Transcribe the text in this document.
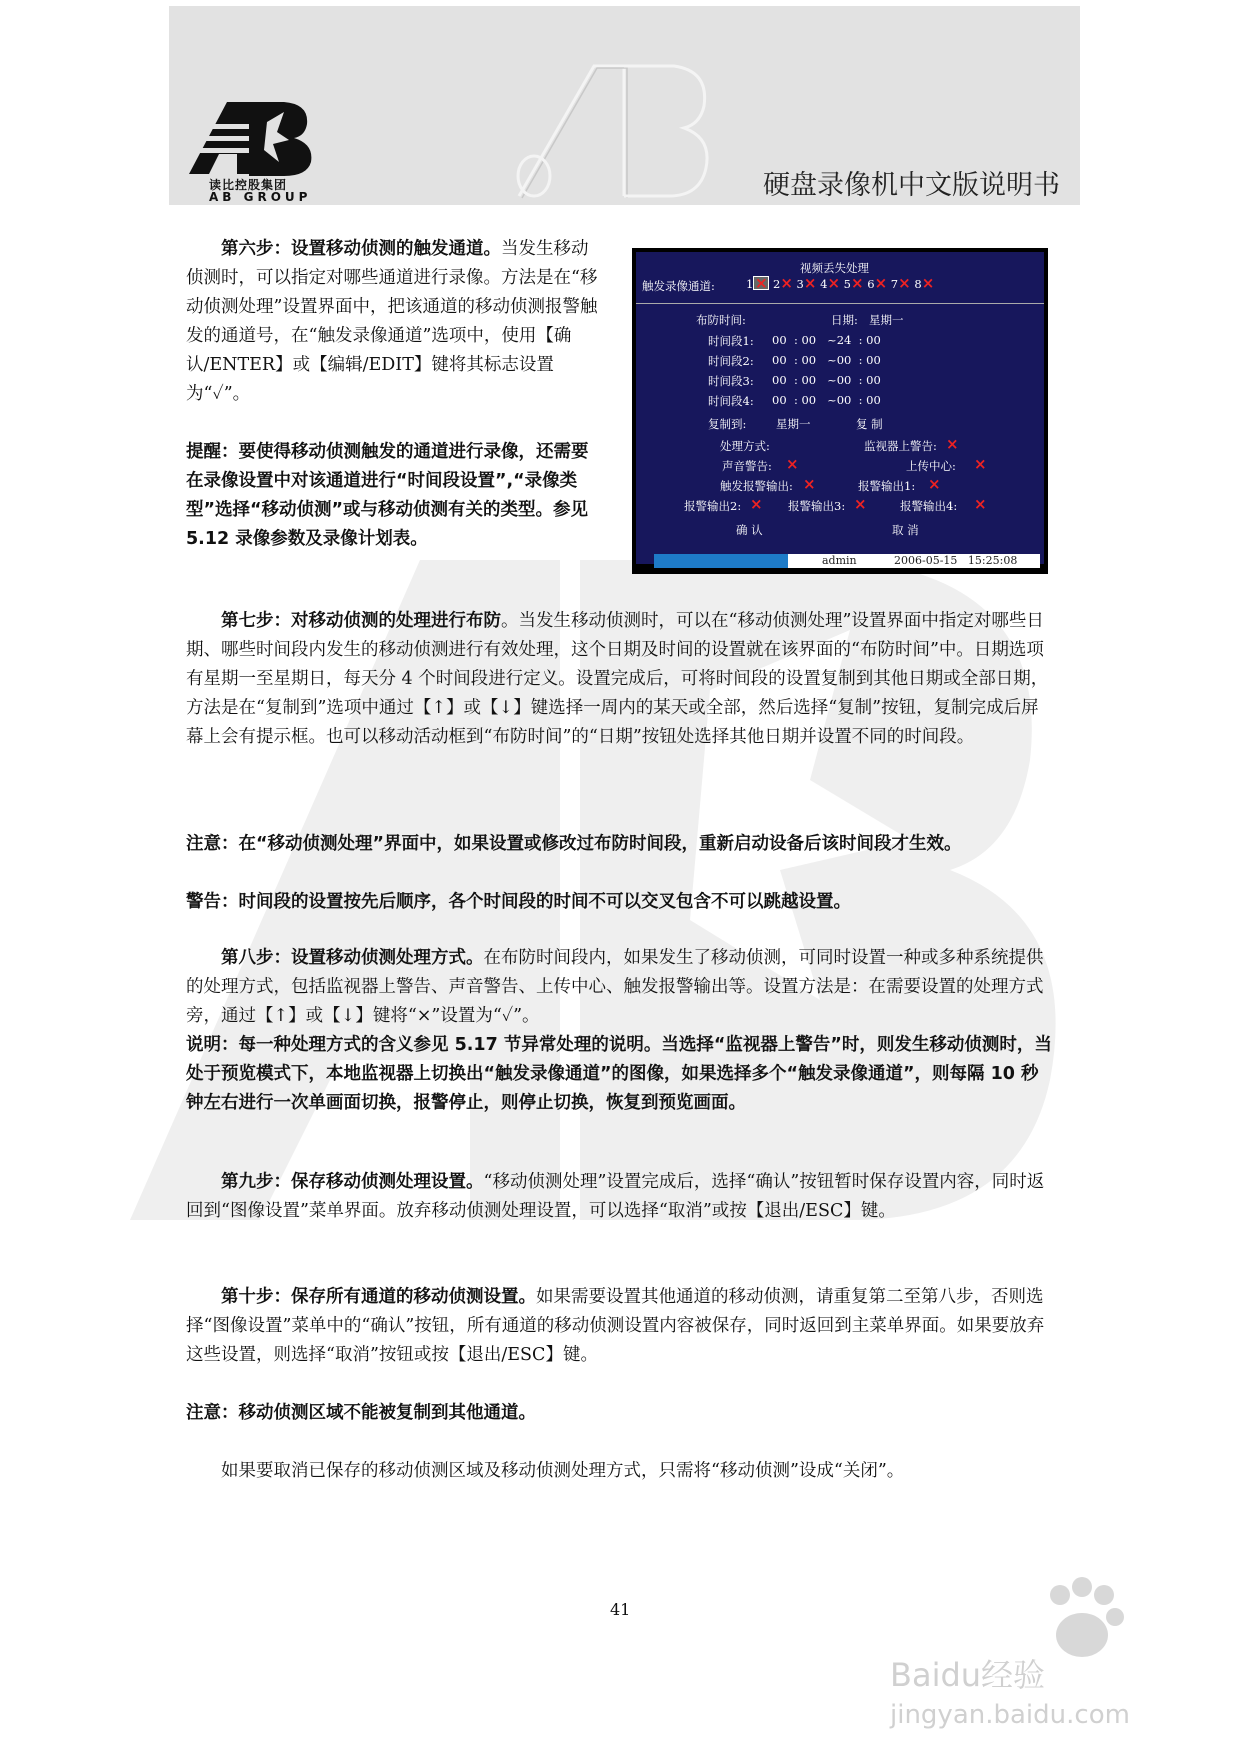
读比控股集团
AB GROUP	硬盘录像机中文版说明书
视频丢失处理
触发录像通道:	1 × 2× 3× 4× 5× 6× 7× 8×
布防时间:	日期: 星期一
时间段1: 00  : 00   ~24  : 00
时间段2: 00  : 00   ~00  : 00
时间段3: 00  : 00   ~00  : 00
时间段4: 00  : 00   ~00  : 00
复制到:	星期一	复 制
处理方式:	监视器上警告: ×
声音警告: ×	上传中心: ×
触发报警输出: ×	报警输出1: ×
报警输出2: × 报警输出3: ×	报警输出4: ×
确 认	取 消
admin	2006-05-15   15:25:08
第六步：设置移动侦测的触发通道。当发生移动侦测时，可以指定对哪些通道进行录像。方法是在“移动侦测处理”设置界面中，把该通道的移动侦测报警触发的通道号，在“触发录像通道”选项中，使用【确认/ENTER】或【编辑/EDIT】键将其标志设置为“✓”。
提醒：要使得移动侦测触发的通道进行录像，还需要在录像设置中对该通道进行“时间段设置”,“录像类型”选择“移动侦测”或与移动侦测有关的类型。参见 5.12 录像参数及录像计划表。
第七步：对移动侦测的处理进行布防。当发生移动侦测时，可以在“移动侦测处理”设置界面中指定对哪些日期、哪些时间段内发生的移动侦测进行有效处理，这个日期及时间的设置就在该界面的“布防时间”中。日期选项有星期一至星期日，每天分 4 个时间段进行定义。设置完成后，可将时间段的设置复制到其他日期或全部日期，方法是在“复制到”选项中通过【↑】或【↓】键选择一周内的某天或全部，然后选择“复制”按钮，复制完成后屏幕上会有提示框。也可以移动活动框到“布防时间”的“日期”按钮处选择其他日期并设置不同的时间段。
注意：在“移动侦测处理”界面中，如果设置或修改过布防时间段，重新启动设备后该时间段才生效。
警告：时间段的设置按先后顺序，各个时间段的时间不可以交叉包含不可以跳越设置。
第八步：设置移动侦测处理方式。在布防时间段内，如果发生了移动侦测，可同时设置一种或多种系统提供的处理方式，包括监视器上警告、声音警告、上传中心、触发报警输出等。设置方法是：在需要设置的处理方式旁，通过【↑】或【↓】键将“×”设置为“✓”。
说明：每一种处理方式的含义参见 5.17 节异常处理的说明。当选择“监视器上警告”时，则发生移动侦测时，当处于预览模式下，本地监视器上切换出“触发录像通道”的图像，如果选择多个“触发录像通道”，则每隔 10 秒钟左右进行一次单画面切换，报警停止，则停止切换，恢复到预览画面。
第九步：保存移动侦测处理设置。“移动侦测处理”设置完成后，选择“确认”按钮暂时保存设置内容，同时返回到“图像设置”菜单界面。放弃移动侦测处理设置，可以选择“取消”或按【退出/ESC】键。
第十步：保存所有通道的移动侦测设置。如果需要设置其他通道的移动侦测，请重复第二至第八步，否则选择“图像设置”菜单中的“确认”按钮，所有通道的移动侦测设置内容被保存，同时返回到主菜单界面。如果要放弃这些设置，则选择“取消”按钮或按【退出/ESC】键。
注意：移动侦测区域不能被复制到其他通道。
如果要取消已保存的移动侦测区域及移动侦测处理方式，只需将“移动侦测”设成“关闭”。
41
Baidu经验
jingyan.baidu.com
